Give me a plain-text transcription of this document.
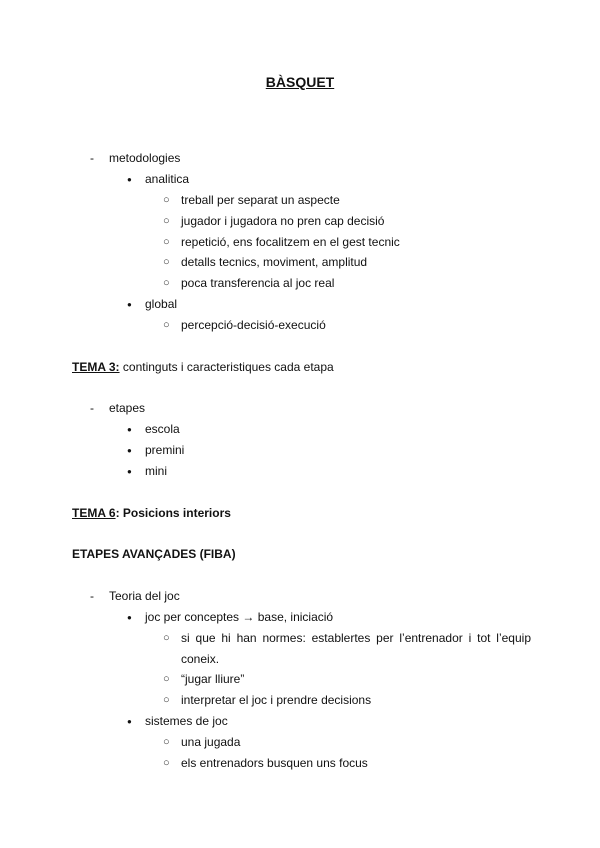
BÀSQUET
- metodologies
● analitica
○ treball per separat un aspecte
○ jugador i jugadora no pren cap decisió
○ repetició, ens focalitzem en el gest tecnic
○ detalls tecnics, moviment, amplitud
○ poca transferencia al joc real
● global
○ percepció-decisió-execució
TEMA 3: continguts i caracteristiques cada etapa
- etapes
● escola
● premini
● mini
TEMA 6: Posicions interiors
ETAPES AVANÇADES (FIBA)
- Teoria del joc
● joc per conceptes → base, iniciació
○ si que hi han normes: establertes per l’entrenador i tot l’equip
coneix.
○ “jugar lliure”
○ interpretar el joc i prendre decisions
● sistemes de joc
○ una jugada
○ els entrenadors busquen uns focus
